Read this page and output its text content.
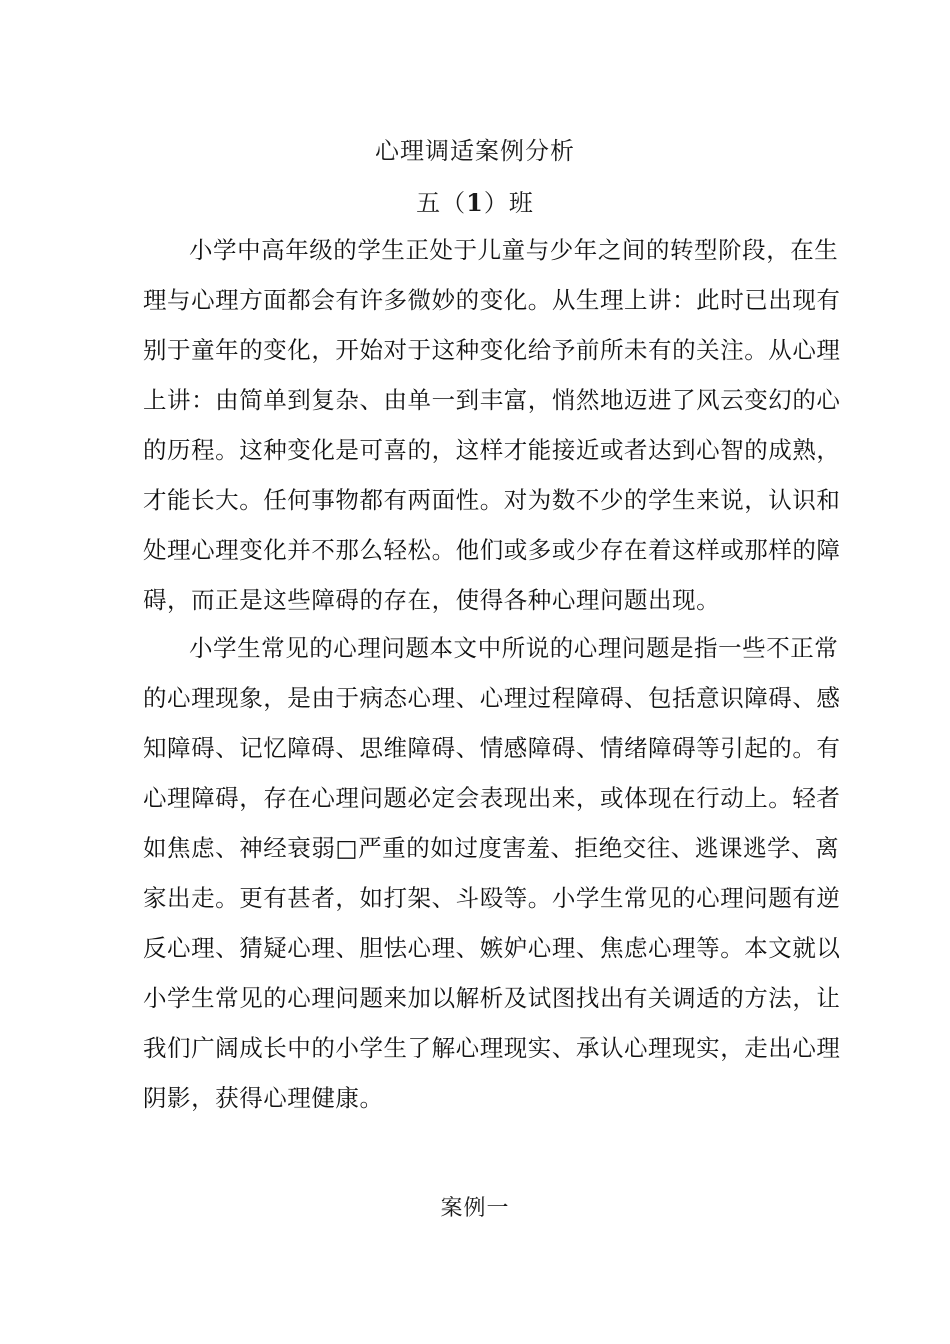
心理调适案例分析
五（1）班
小学中高年级的学生正处于儿童与少年之间的转型阶段，在生
理与心理方面都会有许多微妙的变化。从生理上讲：此时已出现有
别于童年的变化，开始对于这种变化给予前所未有的关注。从心理
上讲：由简单到复杂、由单一到丰富，悄然地迈进了风云变幻的心
的历程。这种变化是可喜的，这样才能接近或者达到心智的成熟，
才能长大。任何事物都有两面性。对为数不少的学生来说，认识和
处理心理变化并不那么轻松。他们或多或少存在着这样或那样的障
碍，而正是这些障碍的存在，使得各种心理问题出现。
小学生常见的心理问题本文中所说的心理问题是指一些不正常
的心理现象，是由于病态心理、心理过程障碍、包括意识障碍、感
知障碍、记忆障碍、思维障碍、情感障碍、情绪障碍等引起的。有
心理障碍，存在心理问题必定会表现出来，或体现在行动上。轻者
如焦虑、神经衰弱□严重的如过度害羞、拒绝交往、逃课逃学、离
家出走。更有甚者，如打架、斗殴等。小学生常见的心理问题有逆
反心理、猜疑心理、胆怯心理、嫉妒心理、焦虑心理等。本文就以
小学生常见的心理问题来加以解析及试图找出有关调适的方法，让
我们广阔成长中的小学生了解心理现实、承认心理现实，走出心理
阴影，获得心理健康。
案例一
